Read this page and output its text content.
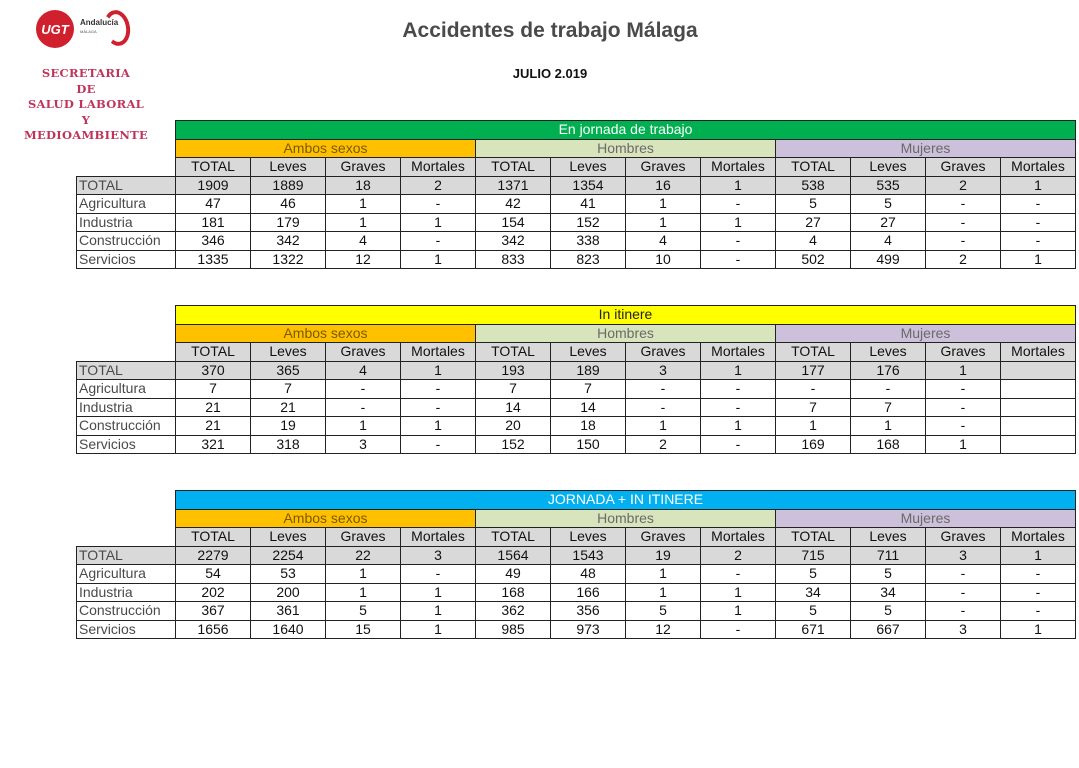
UGT	Andalucía
MÁLAGA
SECRETARIA
DE
SALUD LABORAL
Y
MEDIOAMBIENTE
Accidentes de trabajo Málaga
JULIO 2.019
	En jornada de trabajo											
	Ambos sexos				Hombres				Mujeres			
	TOTAL	Leves	Graves	Mortales	TOTAL	Leves	Graves	Mortales	TOTAL	Leves	Graves	Mortales
TOTAL	1909	1889	18	2	1371	1354	16	1	538	535	2	1
Agricultura	47	46	1	-	42	41	1	-	5	5	-	-
Industria	181	179	1	1	154	152	1	1	27	27	-	-
Construcción	346	342	4	-	342	338	4	-	4	4	-	-
Servicios	1335	1322	12	1	833	823	10	-	502	499	2	1
	In itinere											
	Ambos sexos				Hombres				Mujeres			
	TOTAL	Leves	Graves	Mortales	TOTAL	Leves	Graves	Mortales	TOTAL	Leves	Graves	Mortales
TOTAL	370	365	4	1	193	189	3	1	177	176	1	
Agricultura	7	7	-	-	7	7	-	-	-	-	-	
Industria	21	21	-	-	14	14	-	-	7	7	-	
Construcción	21	19	1	1	20	18	1	1	1	1	-	
Servicios	321	318	3	-	152	150	2	-	169	168	1	
	JORNADA + IN ITINERE											
	Ambos sexos				Hombres				Mujeres			
	TOTAL	Leves	Graves	Mortales	TOTAL	Leves	Graves	Mortales	TOTAL	Leves	Graves	Mortales
TOTAL	2279	2254	22	3	1564	1543	19	2	715	711	3	1
Agricultura	54	53	1	-	49	48	1	-	5	5	-	-
Industria	202	200	1	1	168	166	1	1	34	34	-	-
Construcción	367	361	5	1	362	356	5	1	5	5	-	-
Servicios	1656	1640	15	1	985	973	12	-	671	667	3	1
